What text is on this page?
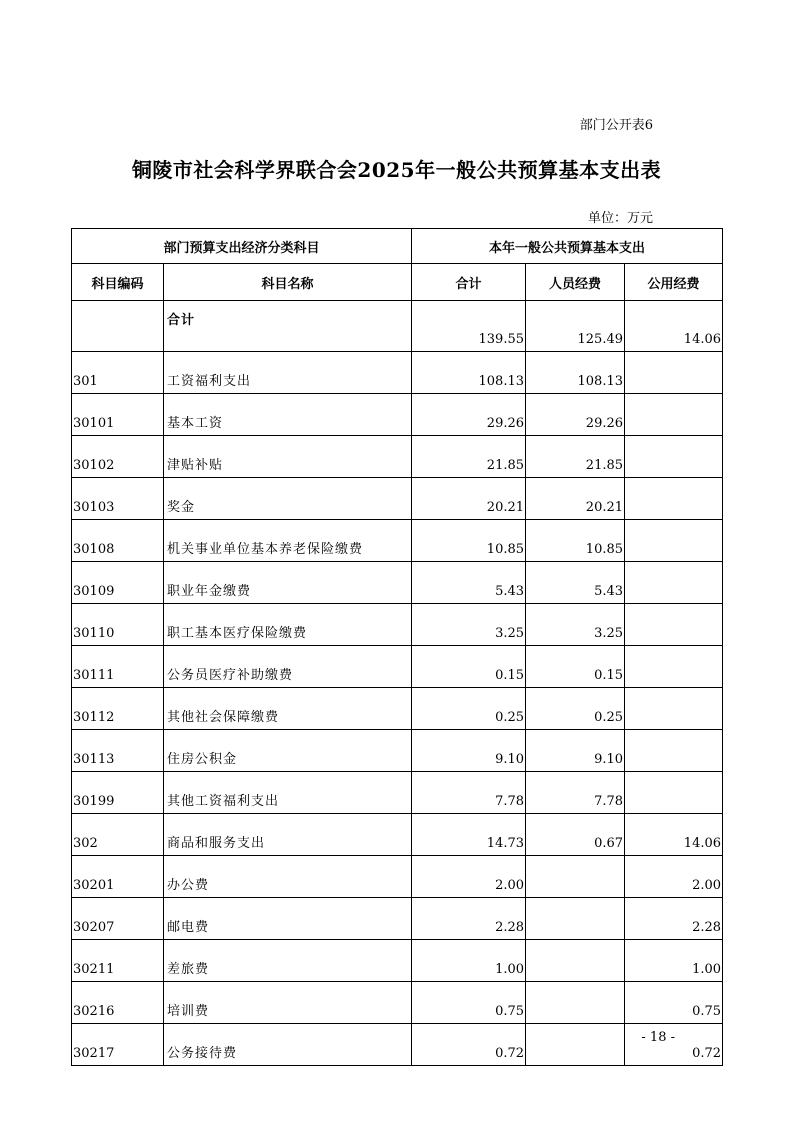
部门公开表6
铜陵市社会科学界联合会2025年一般公共预算基本支出表
单位：万元
部门预算支出经济分类科目		本年一般公共预算基本支出		
科目编码	科目名称	合计	人员经费	公用经费
	合计	139.55	125.49	14.06
301	工资福利支出	108.13	108.13	
30101	基本工资	29.26	29.26	
30102	津贴补贴	21.85	21.85	
30103	奖金	20.21	20.21	
30108	机关事业单位基本养老保险缴费	10.85	10.85	
30109	职业年金缴费	5.43	5.43	
30110	职工基本医疗保险缴费	3.25	3.25	
30111	公务员医疗补助缴费	0.15	0.15	
30112	其他社会保障缴费	0.25	0.25	
30113	住房公积金	9.10	9.10	
30199	其他工资福利支出	7.78	7.78	
302	商品和服务支出	14.73	0.67	14.06
30201	办公费	2.00		2.00
30207	邮电费	2.28		2.28
30211	差旅费	1.00		1.00
30216	培训费	0.75		0.75
30217	公务接待费	0.72		0.72
- 18 -
